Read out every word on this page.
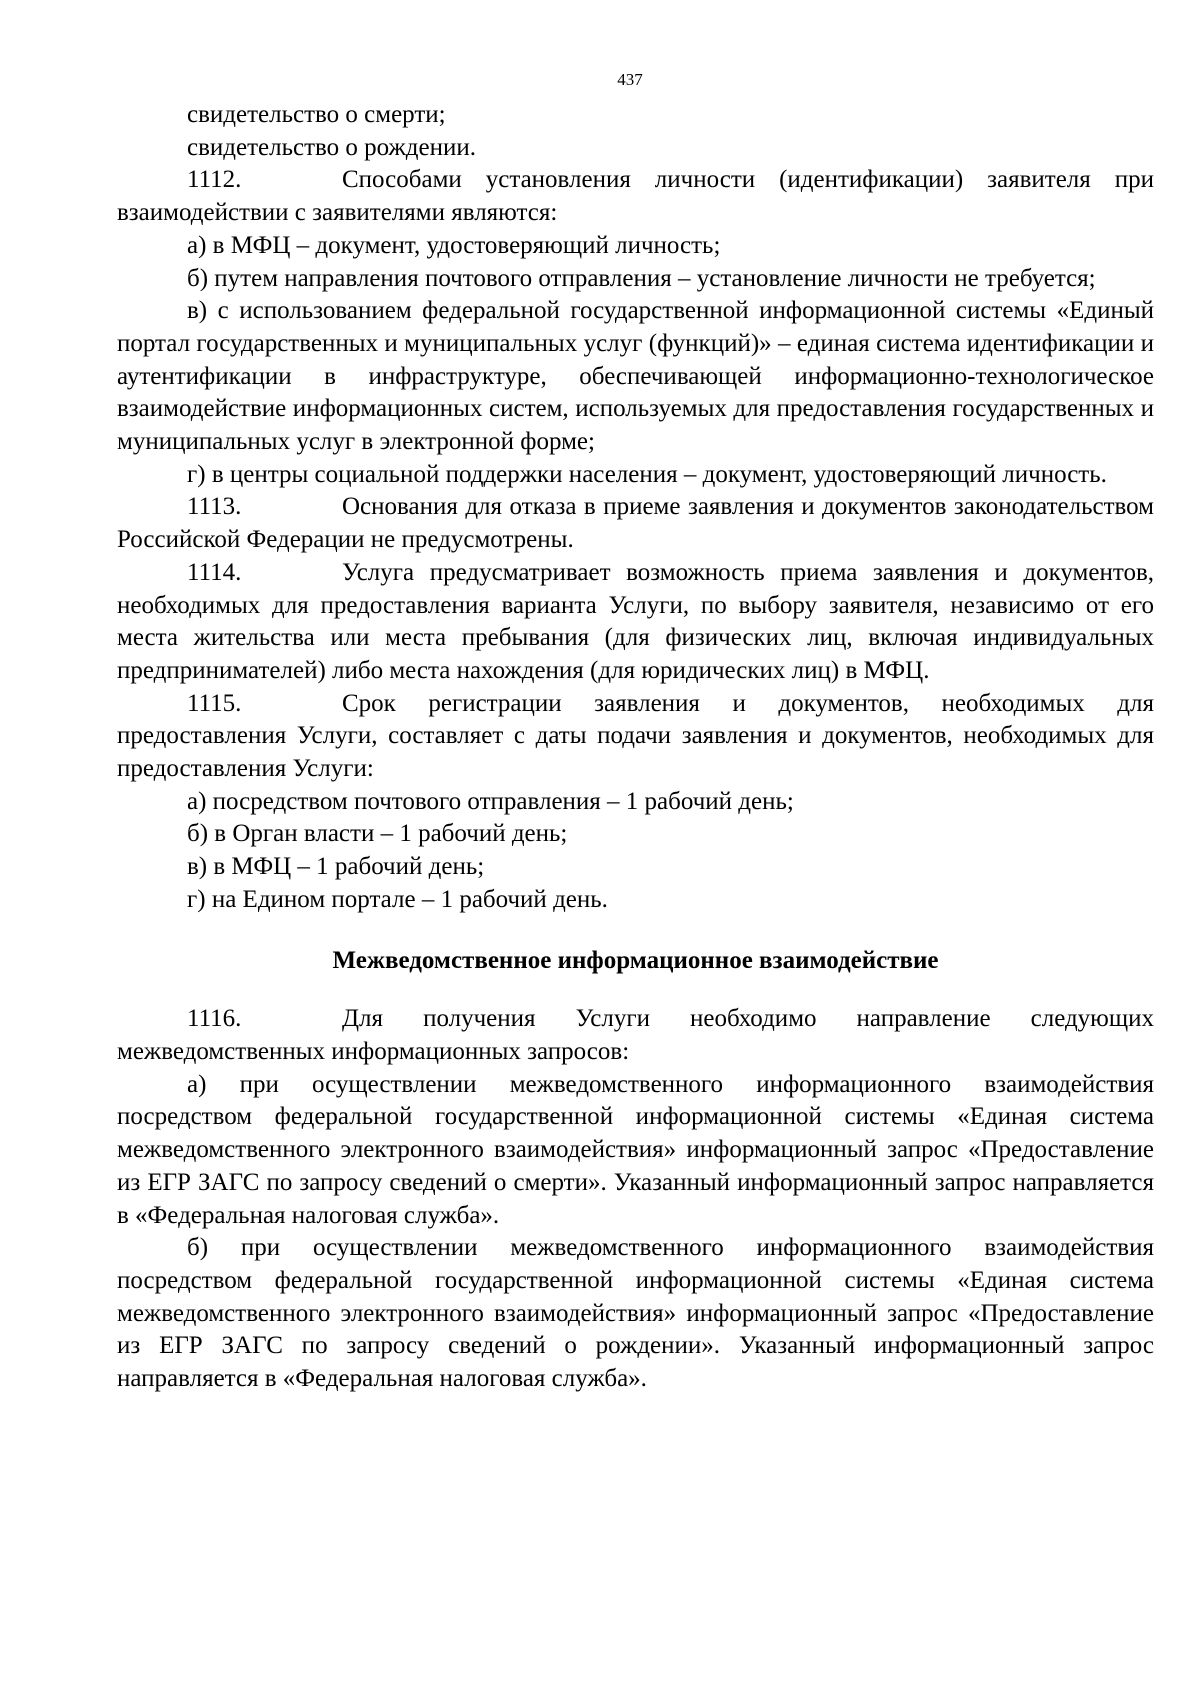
437

свидетельство о смерти;

свидетельство о рождении.

1112.	Способами установления личности (идентификации) заявителя при взаимодействии с заявителями являются:

а) в МФЦ – документ, удостоверяющий личность;

б) путем направления почтового отправления – установление личности не требуется;

в) с использованием федеральной государственной информационной системы «Единый портал государственных и муниципальных услуг (функций)» – единая система идентификации и аутентификации в инфраструктуре, обеспечивающей информационно-технологическое взаимодействие информационных систем, используемых для предоставления государственных и муниципальных услуг в электронной форме;

г) в центры социальной поддержки населения – документ, удостоверяющий личность.

1113.	Основания для отказа в приеме заявления и документов законодательством Российской Федерации не предусмотрены.

1114.	Услуга предусматривает возможность приема заявления и документов, необходимых для предоставления варианта Услуги, по выбору заявителя, независимо от его места жительства или места пребывания (для физических лиц, включая индивидуальных предпринимателей) либо места нахождения (для юридических лиц) в МФЦ.

1115.	Срок регистрации заявления и документов, необходимых для предоставления Услуги, составляет с даты подачи заявления и документов, необходимых для предоставления Услуги:

а) посредством почтового отправления – 1 рабочий день;

б) в Орган власти – 1 рабочий день;

в) в МФЦ – 1 рабочий день;

г) на Едином портале – 1 рабочий день.

Межведомственное информационное взаимодействие

1116.	Для получения Услуги необходимо направление следующих межведомственных информационных запросов:

а) при осуществлении межведомственного информационного взаимодействия посредством федеральной государственной информационной системы «Единая система межведомственного электронного взаимодействия» информационный запрос «Предоставление из ЕГР ЗАГС по запросу сведений о смерти». Указанный информационный запрос направляется в «Федеральная налоговая служба».

б) при осуществлении межведомственного информационного взаимодействия посредством федеральной государственной информационной системы «Единая система межведомственного электронного взаимодействия» информационный запрос «Предоставление из ЕГР ЗАГС по запросу сведений о рождении». Указанный информационный запрос направляется в «Федеральная налоговая служба».
